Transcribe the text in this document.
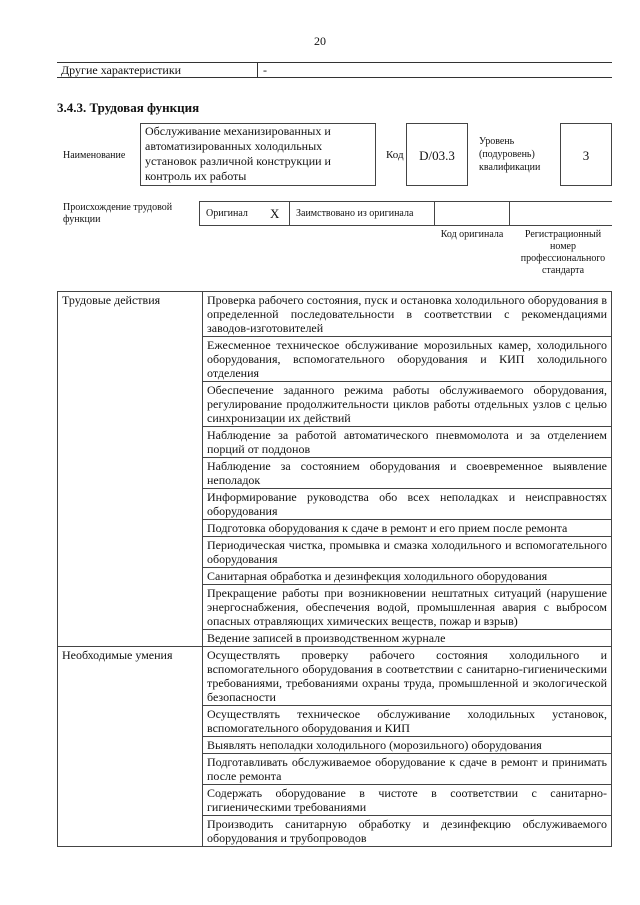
20
Другие характеристики	-
3.4.3. Трудовая функция
Наименование
Обслуживание механизированных и автоматизированных холодильных установок различной конструкции и контроль их работы
Код	D/03.3
Уровень (подуровень) квалификации
3
Происхождение трудовой функции
Оригинал X Заимствовано из оригинала
Код оригинала	Регистрационный номер профессионального стандарта
Трудовые действия	Проверка рабочего состояния, пуск и остановка холодильного оборудования в определенной последовательности в соответствии с рекомендациями заводов-изготовителей
	Ежесменное техническое обслуживание морозильных камер, холодильного оборудования, вспомогательного оборудования и КИП холодильного отделения
	Обеспечение заданного режима работы обслуживаемого оборудования, регулирование продолжительности циклов работы отдельных узлов с целью синхронизации их действий
	Наблюдение за работой автоматического пневмомолота и за отделением порций от поддонов
	Наблюдение за состоянием оборудования и своевременное выявление неполадок
	Информирование руководства обо всех неполадках и неисправностях оборудования
	Подготовка оборудования к сдаче в ремонт и его прием после ремонта
	Периодическая чистка, промывка и смазка холодильного и вспомогательного оборудования
	Санитарная обработка и дезинфекция холодильного оборудования
	Прекращение работы при возникновении нештатных ситуаций (нарушение энергоснабжения, обеспечения водой, промышленная авария с выбросом опасных отравляющих химических веществ, пожар и взрыв)
	Ведение записей в производственном журнале
Необходимые умения	Осуществлять проверку рабочего состояния холодильного и вспомогательного оборудования в соответствии с санитарно-гигиеническими требованиями, требованиями охраны труда, промышленной и экологической безопасности
	Осуществлять техническое обслуживание холодильных установок, вспомогательного оборудования и КИП
	Выявлять неполадки холодильного (морозильного) оборудования
	Подготавливать обслуживаемое оборудование к сдаче в ремонт и принимать после ремонта
	Содержать оборудование в чистоте в соответствии с санитарно-гигиеническими требованиями
	Производить санитарную обработку и дезинфекцию обслуживаемого оборудования и трубопроводов
